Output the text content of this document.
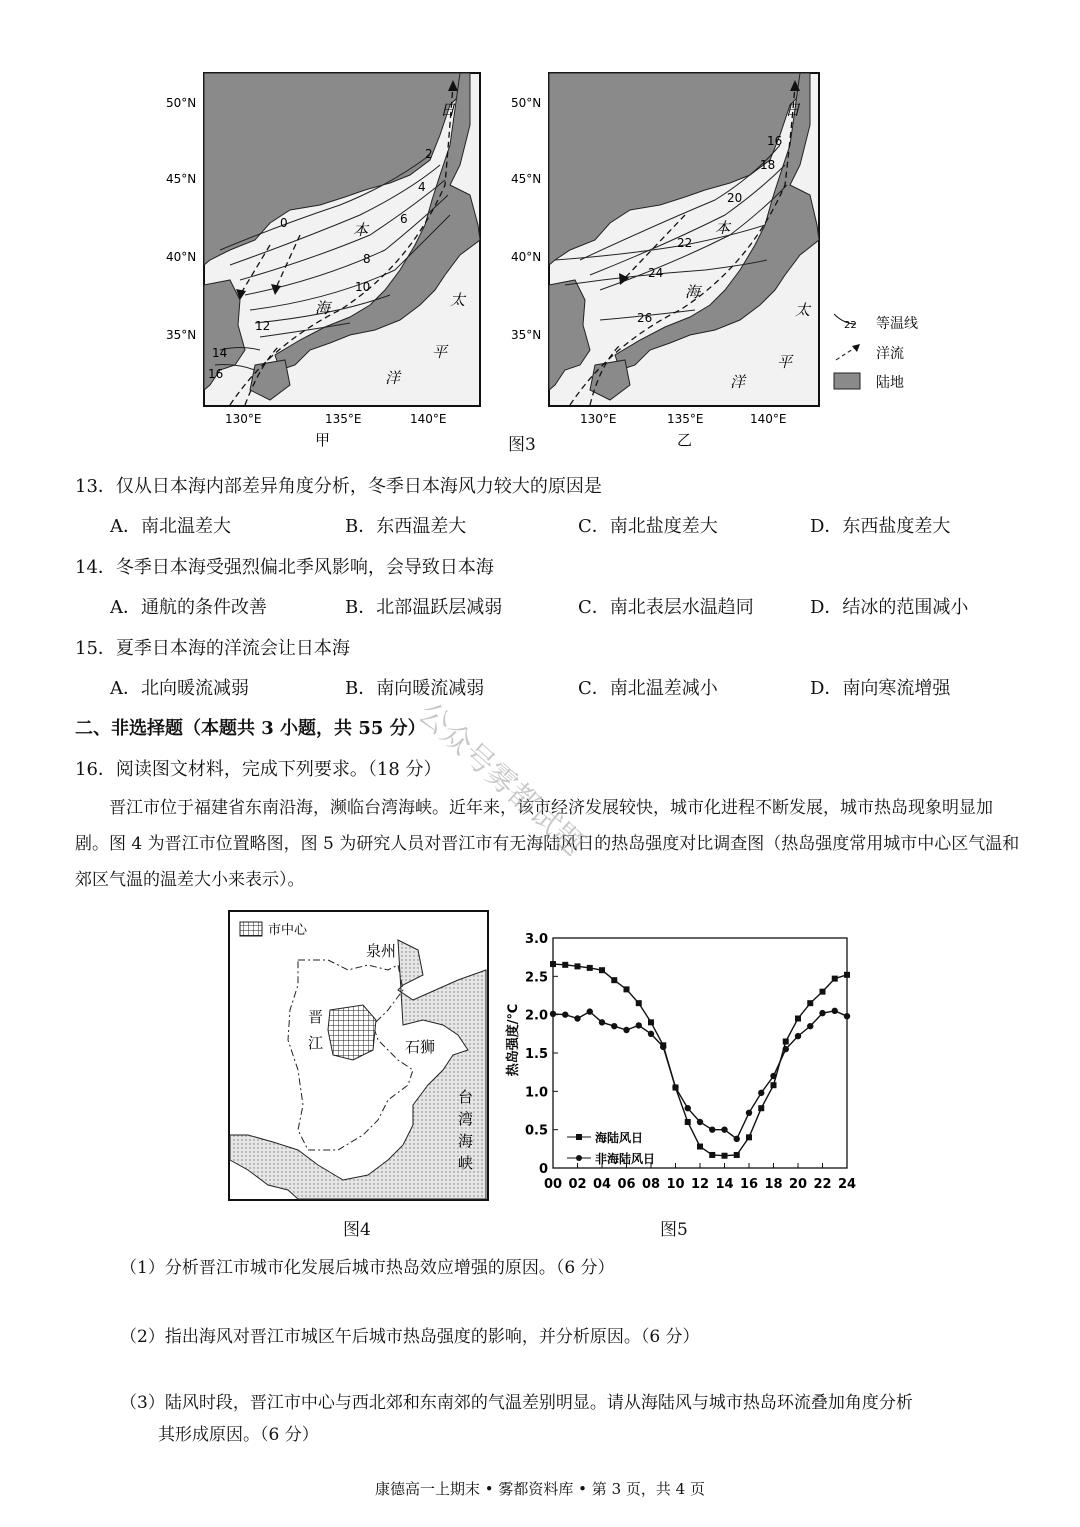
0
2
4
6
8
10
12
14
16
日
本
海	太
平
洋
50°N
45°N
40°N
35°N
130°E	135°E	140°E
甲
16
18
20
22
24
26
日
本
海
太
平
洋
50°N
45°N
40°N
35°N
130°E	135°E	140°E
乙
图3
22 等温线
洋流
陆地
13．仅从日本海内部差异角度分析，冬季日本海风力较大的原因是
A．南北温差大	B．东西温差大	C．南北盐度差大	D．东西盐度差大
14．冬季日本海受强烈偏北季风影响，会导致日本海
A．通航的条件改善	B．北部温跃层减弱	C．南北表层水温趋同	D．结冰的范围减小
15．夏季日本海的洋流会让日本海
A．北向暖流减弱	B．南向暖流减弱	C．南北温差减小	D．南向寒流增强
二、非选择题（本题共 3 小题，共 55 分）
16．阅读图文材料，完成下列要求。（18 分）
晋江市位于福建省东南沿海，濒临台湾海峡。近年来，该市经济发展较快，城市化进程不断发展，城市热岛现象明显加剧。图 4 为晋江市位置略图，图 5 为研究人员对晋江市有无海陆风日的热岛强度对比调查图（热岛强度常用城市中心区气温和郊区气温的温差大小来表示）。
市中心
泉州
晋
江	石狮
台
湾
海
峡
图4
0
0.5
1.0
1.5
2.0
2.5
3.0
00 02 04 06 08 10 12 14 16 18 20 22 24
热岛强度/℃
海陆风日
非海陆风日
图5
（1）分析晋江市城市化发展后城市热岛效应增强的原因。（6 分）
（2）指出海风对晋江市城区午后城市热岛强度的影响，并分析原因。（6 分）
（3）陆风时段，晋江市中心与西北郊和东南郊的气温差别明显。请从海陆风与城市热岛环流叠加角度分析
其形成原因。（6 分）
康德高一上期末 • 雾都资料库 • 第 3 页，共 4 页
公众号雾都试题
